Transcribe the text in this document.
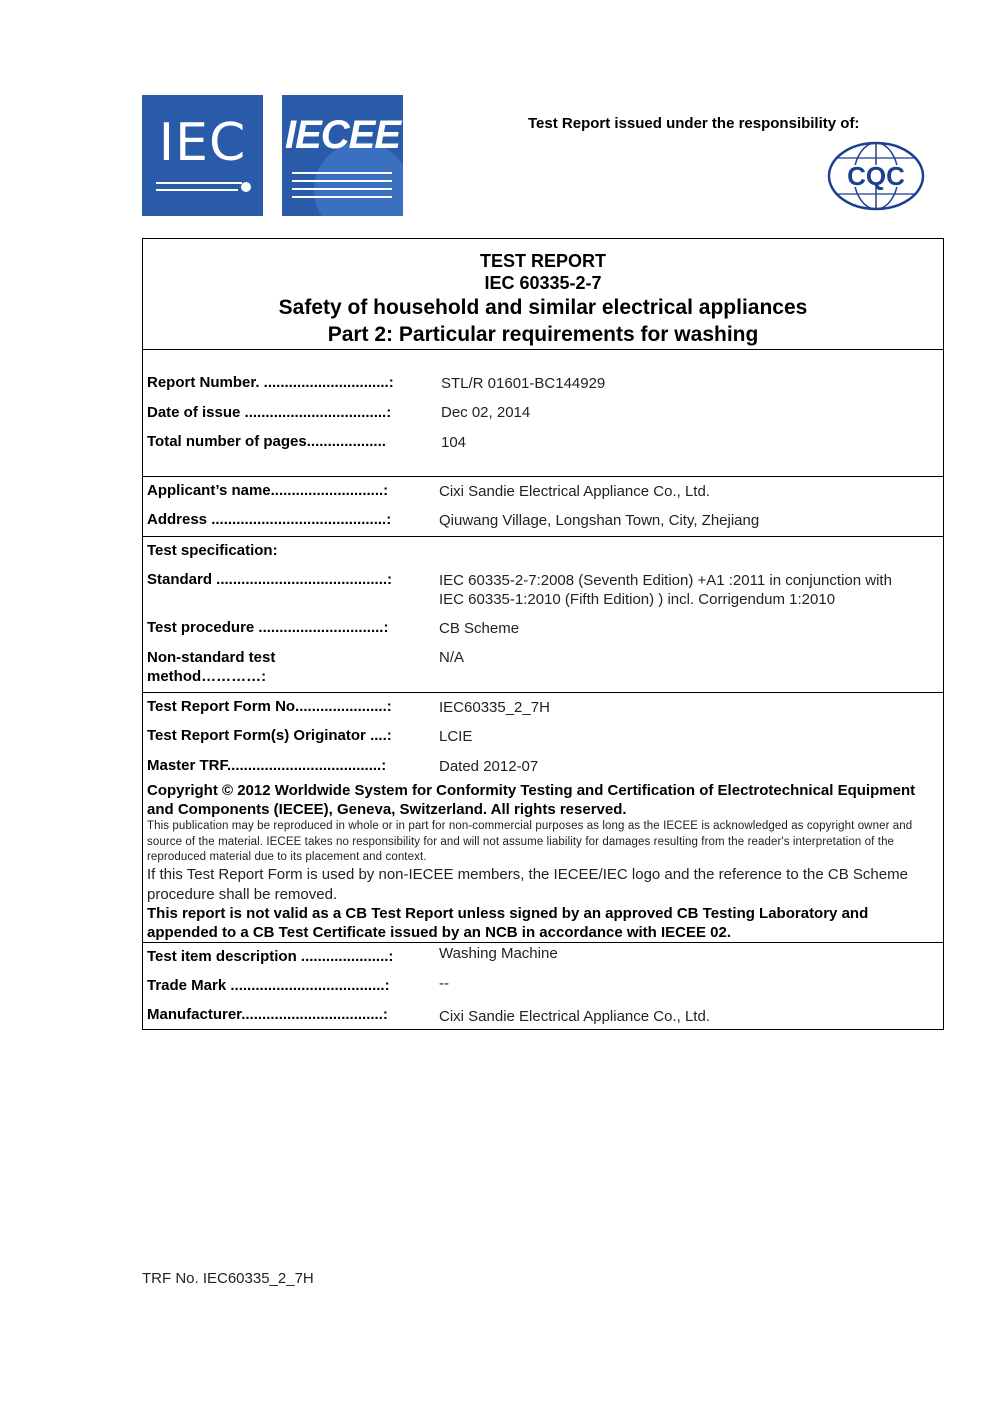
IEC IECEE	Test Report issued under the responsibility of:
CQC
TEST REPORT
IEC 60335-2-7
Safety of household and similar electrical appliances
Part 2: Particular requirements for washing
Report Number. ..............................:	STL/R 01601-BC144929
Date of issue ..................................:	Dec 02, 2014
Total number of pages...................	104
Applicant’s name...........................:	Cixi Sandie Electrical Appliance Co., Ltd.
Address ..........................................:	Qiuwang Village, Longshan Town, City, Zhejiang
Test specification:
Standard .........................................:	IEC 60335-2-7:2008 (Seventh Edition) +A1 :2011 in conjunction with
IEC 60335-1:2010 (Fifth Edition) ) incl. Corrigendum 1:2010
Test procedure ..............................:	CB Scheme
Non-standard test
method…………:
N/A
Test Report Form No......................:	IEC60335_2_7H
Test Report Form(s) Originator ....:	LCIE
Master TRF.....................................:	Dated 2012-07
Copyright © 2012 Worldwide System for Conformity Testing and Certification of Electrotechnical Equipment and Components (IECEE), Geneva, Switzerland. All rights reserved.
This publication may be reproduced in whole or in part for non-commercial purposes as long as the IECEE is acknowledged as copyright owner and source of the material. IECEE takes no responsibility for and will not assume liability for damages resulting from the reader's interpretation of the reproduced material due to its placement and context.
If this Test Report Form is used by non-IECEE members, the IECEE/IEC logo and the reference to the CB Scheme procedure shall be removed.
This report is not valid as a CB Test Report unless signed by an approved CB Testing Laboratory and appended to a CB Test Certificate issued by an NCB in accordance with IECEE 02.
Test item description .....................:	Washing Machine
Trade Mark .....................................:	--
Manufacturer..................................:	Cixi Sandie Electrical Appliance Co., Ltd.
TRF No. IEC60335_2_7H
